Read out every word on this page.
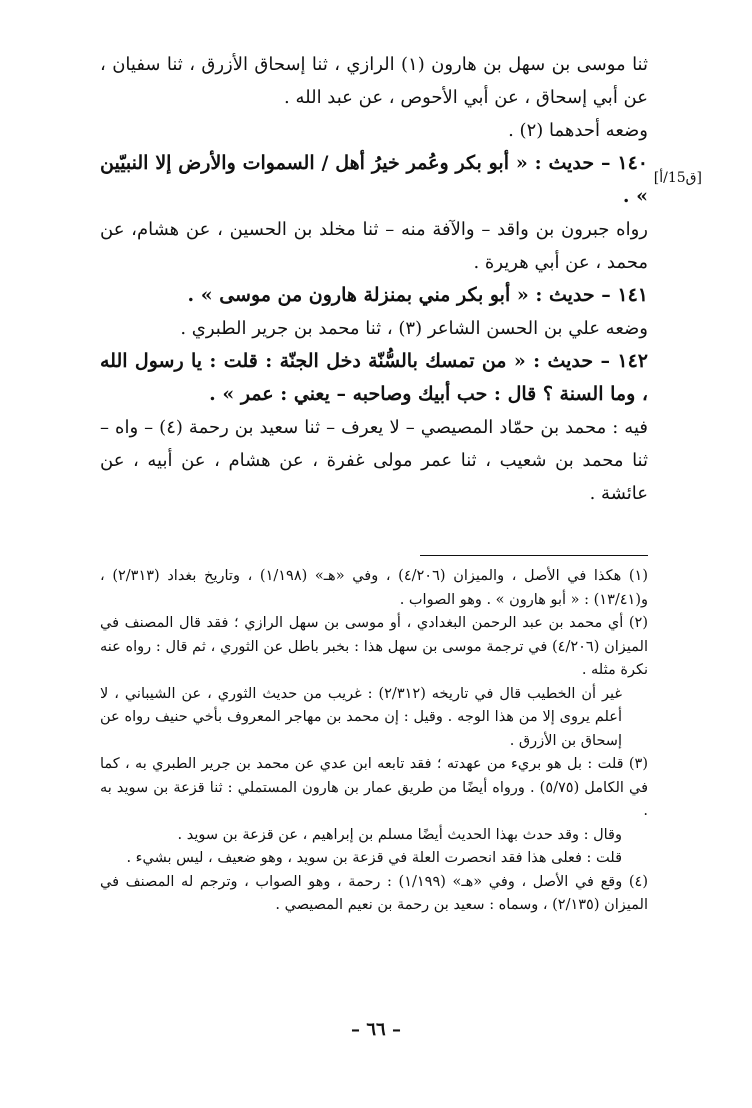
[ق15/أ]

ثنا موسى بن سهل بن هارون (١) الرازي ، ثنا إسحاق الأزرق ، ثنا سفيان ، عن أبي إسحاق ، عن أبي الأحوص ، عن عبد الله .

وضعه أحدهما (٢) .

١٤٠ – حديث : « أبو بكر وعُمر خيرُ أهل / السموات والأرض إلا النبيّين » .

رواه جبرون بن واقد – والآفة منه – ثنا مخلد بن الحسين ، عن هشام، عن محمد ، عن أبي هريرة .

١٤١ – حديث : « أبو بكر مني بمنزلة هارون من موسى » .

وضعه علي بن الحسن الشاعر (٣) ، ثنا محمد بن جرير الطبري .

١٤٢ – حديث : « من تمسك بالسُّنّة دخل الجنّة : قلت : يا رسول الله ، وما السنة ؟ قال : حب أبيك وصاحبه – يعني : عمر » .

فيه : محمد بن حمّاد المصيصي – لا يعرف – ثنا سعيد بن رحمة (٤) – واه – ثنا محمد بن شعيب ، ثنا عمر مولى غفرة ، عن هشام ، عن أبيه ، عن عائشة .

(١) هكذا في الأصل ، والميزان (٤/٢٠٦) ، وفي «هـ» (١/١٩٨) ، وتاريخ بغداد (٢/٣١٣) ، و(١٣/٤١) : « أبو هارون » . وهو الصواب .

(٢) أي محمد بن عبد الرحمن البغدادي ، أو موسى بن سهل الرازي ؛ فقد قال المصنف في الميزان (٤/٢٠٦) في ترجمة موسى بن سهل هذا : بخبر باطل عن الثوري ، ثم قال : رواه عنه نكرة مثله .

غير أن الخطيب قال في تاريخه (٢/٣١٢) : غريب من حديث الثوري ، عن الشيباني ، لا أعلم يروى إلا من هذا الوجه . وقيل : إن محمد بن مهاجر المعروف بأخي حنيف رواه عن إسحاق بن الأزرق .

(٣) قلت : بل هو بريء من عهدته ؛ فقد تابعه ابن عدي عن محمد بن جرير الطبري به ، كما في الكامل (٥/٧٥) . ورواه أيضًا من طريق عمار بن هارون المستملي : ثنا قزعة بن سويد به .

وقال : وقد حدث بهذا الحديث أيضًا مسلم بن إبراهيم ، عن قزعة بن سويد .

قلت : فعلى هذا فقد انحصرت العلة في قزعة بن سويد ، وهو ضعيف ، ليس بشيء .

(٤) وقع في الأصل ، وفي «هـ» (١/١٩٩) : رحمة ، وهو الصواب ، وترجم له المصنف في الميزان (٢/١٣٥) ، وسماه : سعيد بن رحمة بن نعيم المصيصي .

– ٦٦ –
